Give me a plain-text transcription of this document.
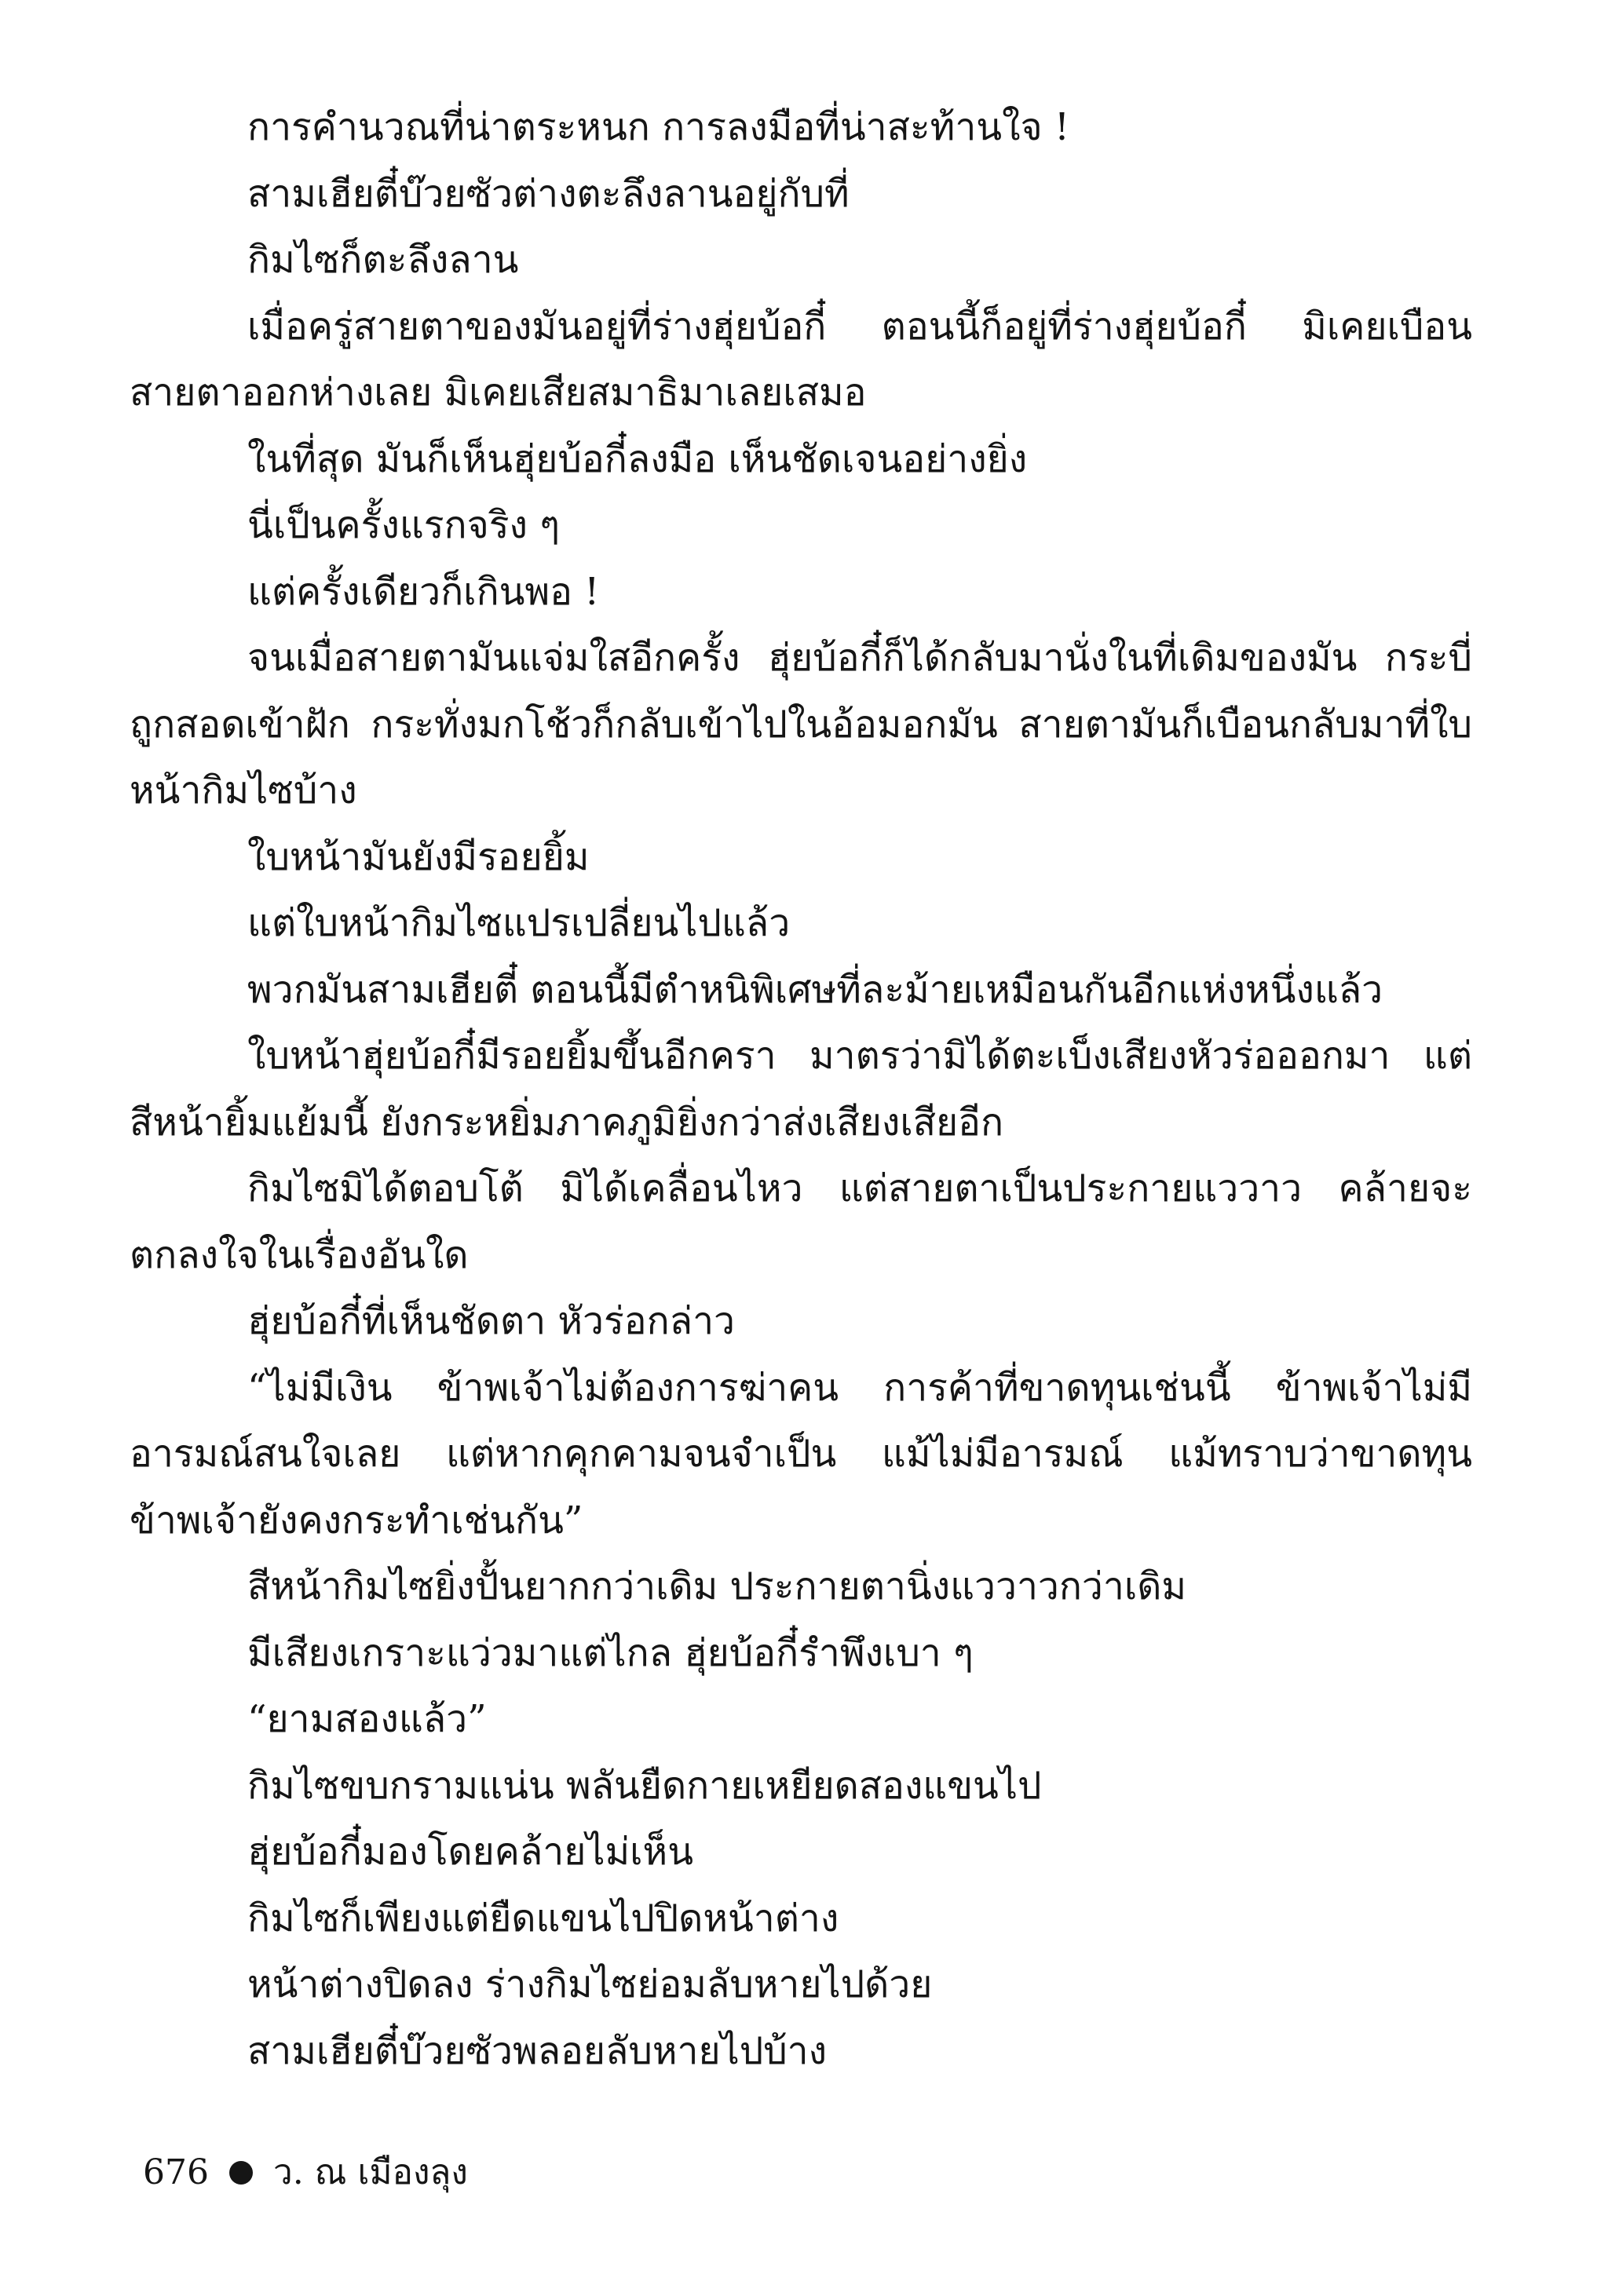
การคำนวณที่น่าตระหนก การลงมือที่น่าสะท้านใจ !

สามเฮียตี๋บ๊วยซัวต่างตะลึงลานอยู่กับที่

กิมไซก็ตะลึงลาน

เมื่อครู่สายตาของมันอยู่ที่ร่างฮุ่ยบ้อกี๋ ตอนนี้ก็อยู่ที่ร่างฮุ่ยบ้อกี๋ มิเคยเบือนสายตาออกห่างเลย มิเคยเสียสมาธิมาเลยเสมอ

ในที่สุด มันก็เห็นฮุ่ยบ้อกี๋ลงมือ เห็นชัดเจนอย่างยิ่ง

นี่เป็นครั้งแรกจริง ๆ

แต่ครั้งเดียวก็เกินพอ !

จนเมื่อสายตามันแจ่มใสอีกครั้ง ฮุ่ยบ้อกี๋ก็ได้กลับมานั่งในที่เดิมของมัน กระบี่ถูกสอดเข้าฝัก กระทั่งมกโช้วก็กลับเข้าไปในอ้อมอกมัน สายตามันก็เบือนกลับมาที่ใบหน้ากิมไซบ้าง

ใบหน้ามันยังมีรอยยิ้ม

แต่ใบหน้ากิมไซแปรเปลี่ยนไปแล้ว

พวกมันสามเฮียตี๋ ตอนนี้มีตำหนิพิเศษที่ละม้ายเหมือนกันอีกแห่งหนึ่งแล้ว

ใบหน้าฮุ่ยบ้อกี๋มีรอยยิ้มขึ้นอีกครา มาตรว่ามิได้ตะเบ็งเสียงหัวร่อออกมา แต่สีหน้ายิ้มแย้มนี้ ยังกระหยิ่มภาคภูมิยิ่งกว่าส่งเสียงเสียอีก

กิมไซมิได้ตอบโต้ มิได้เคลื่อนไหว แต่สายตาเป็นประกายแววาว คล้ายจะตกลงใจในเรื่องอันใด

ฮุ่ยบ้อกี๋ที่เห็นชัดตา หัวร่อกล่าว

“ไม่มีเงิน ข้าพเจ้าไม่ต้องการฆ่าคน การค้าที่ขาดทุนเช่นนี้ ข้าพเจ้าไม่มีอารมณ์สนใจเลย แต่หากคุกคามจนจำเป็น แม้ไม่มีอารมณ์ แม้ทราบว่าขาดทุน ข้าพเจ้ายังคงกระทำเช่นกัน”

สีหน้ากิมไซยิ่งปั้นยากกว่าเดิม ประกายตานิ่งแววาวกว่าเดิม

มีเสียงเกราะแว่วมาแต่ไกล ฮุ่ยบ้อกี๋รำพึงเบา ๆ

“ยามสองแล้ว”

กิมไซขบกรามแน่น พลันยืดกายเหยียดสองแขนไป

ฮุ่ยบ้อกี๋มองโดยคล้ายไม่เห็น

กิมไซก็เพียงแต่ยืดแขนไปปิดหน้าต่าง

หน้าต่างปิดลง ร่างกิมไซย่อมลับหายไปด้วย

สามเฮียตี๋บ๊วยซัวพลอยลับหายไปบ้าง

676 ว. ณ เมืองลุง
